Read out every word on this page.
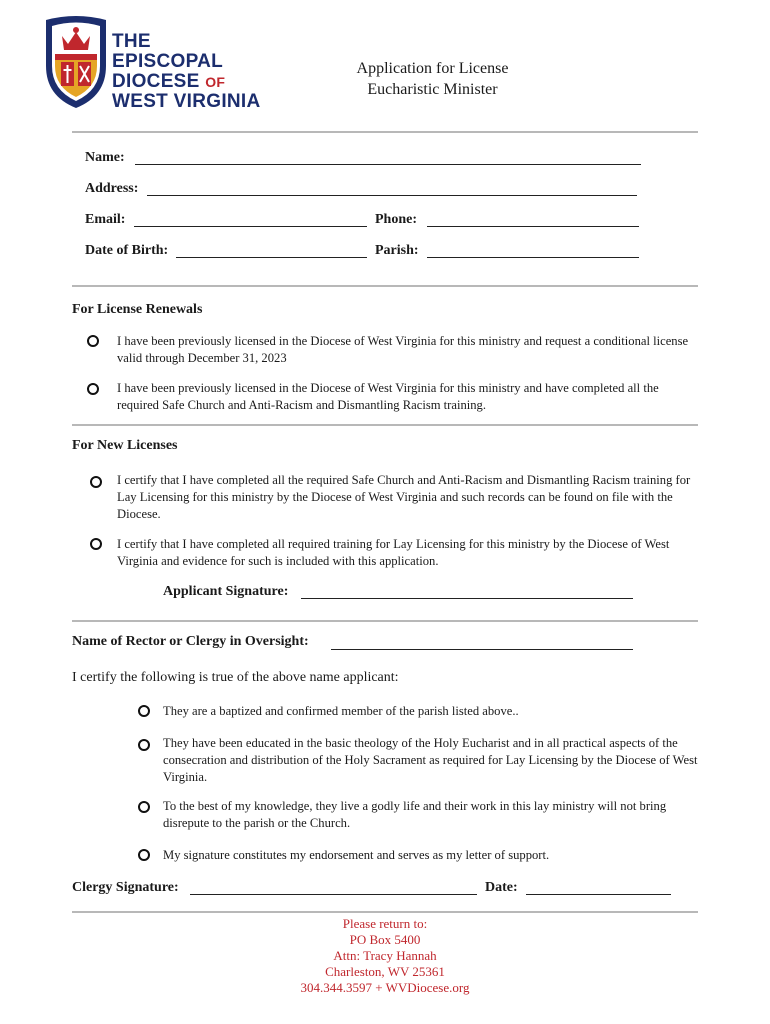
THE EPISCOPAL
DIOCESE OF
WEST VIRGINIA
Application for License
Eucharistic Minister
Name:
Address:
Email:	Phone:
Date of Birth:	Parish:
For License Renewals
I have been previously licensed in the Diocese of West Virginia for this ministry and request a conditional license valid through December 31, 2023
I have been previously licensed in the Diocese of West Virginia for this ministry and have completed all the required Safe Church and Anti-Racism and Dismantling Racism training.
For New Licenses
I certify that I have completed all the required Safe Church and Anti-Racism and Dismantling Racism training for Lay Licensing for this ministry by the Diocese of West Virginia and such records can be found on file with the Diocese.
I certify that I have completed all required training for Lay Licensing for this ministry by the Diocese of West Virginia and evidence for such is included with this application.
Applicant Signature:
Name of Rector or Clergy in Oversight:
I certify the following is true of the above name applicant:
They are a baptized and confirmed member of the parish listed above..
They have been educated in the basic theology of the Holy Eucharist and in all practical aspects of the consecration and distribution of the Holy Sacrament as required for Lay Licensing by the Diocese of West Virginia.
To the best of my knowledge, they live a godly life and their work in this lay ministry will not bring disrepute to the parish or the Church.
My signature constitutes my endorsement and serves as my letter of support.
Clergy Signature:	Date:
Please return to:
PO Box 5400
Attn: Tracy Hannah
Charleston, WV 25361
304.344.3597 + WVDiocese.org
